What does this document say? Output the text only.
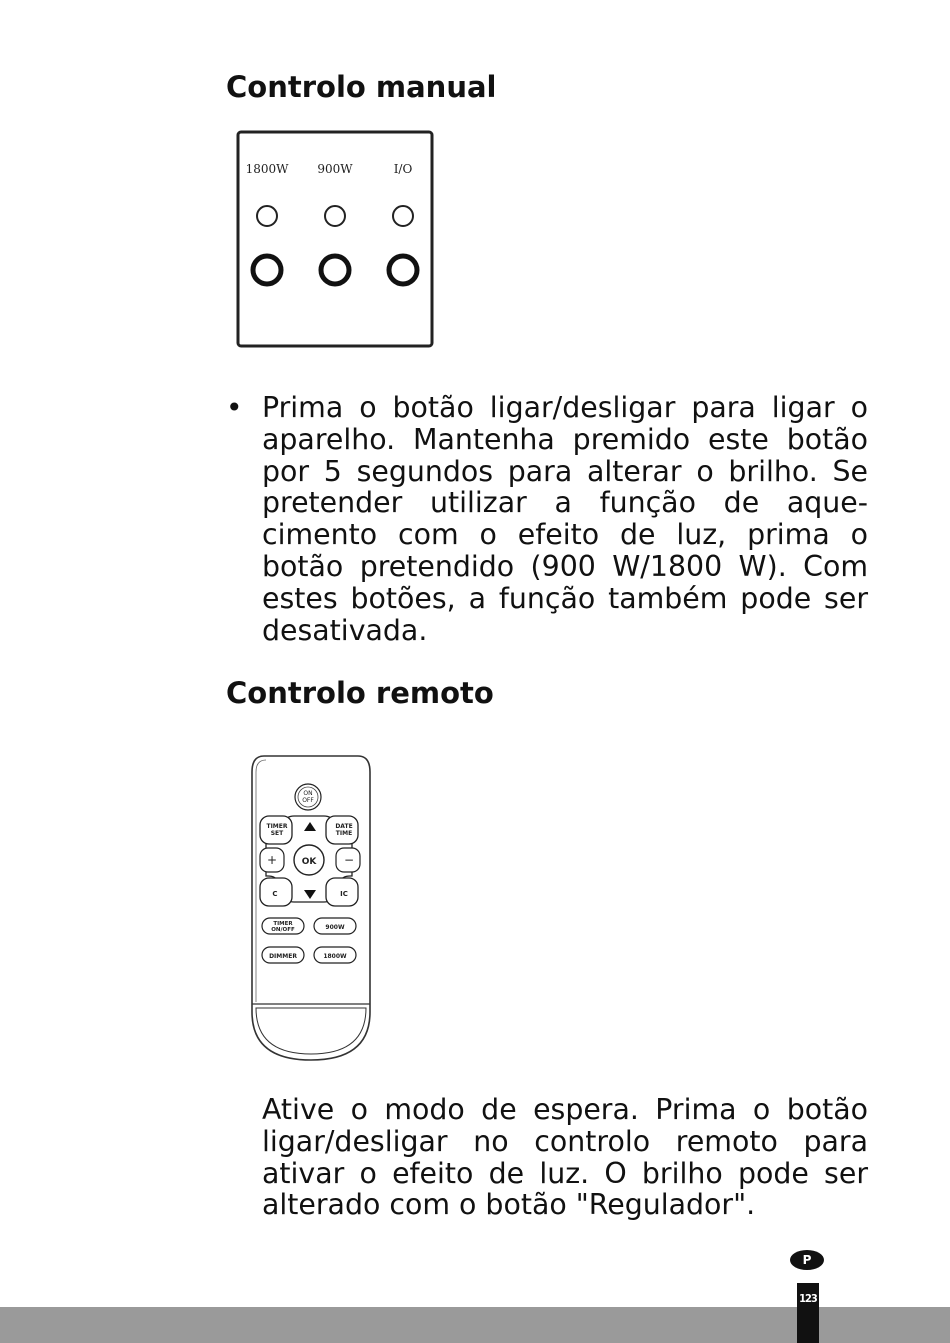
Controlo manual
1800W 900W	I/O
• Prima o botão ligar/desligar para ligar o aparelho. Mantenha premido este botão por 5 segundos para alterar o brilho. Se pretender utilizar a função de aque-cimento com o efeito de luz, prima o botão pretendido (900 W/1800 W). Com estes botões, a função também pode ser desativada.

Controlo remoto
ON
OFF
TIMER
SET
DATE
TIME
+	−
OK
C	IC
TIMER
ON/OFF	900W
DIMMER	1800W

Ative o modo de espera. Prima o botão ligar/desligar no controlo remoto para ativar o efeito de luz. O brilho pode ser alterado com o botão "Regulador".

P
123
